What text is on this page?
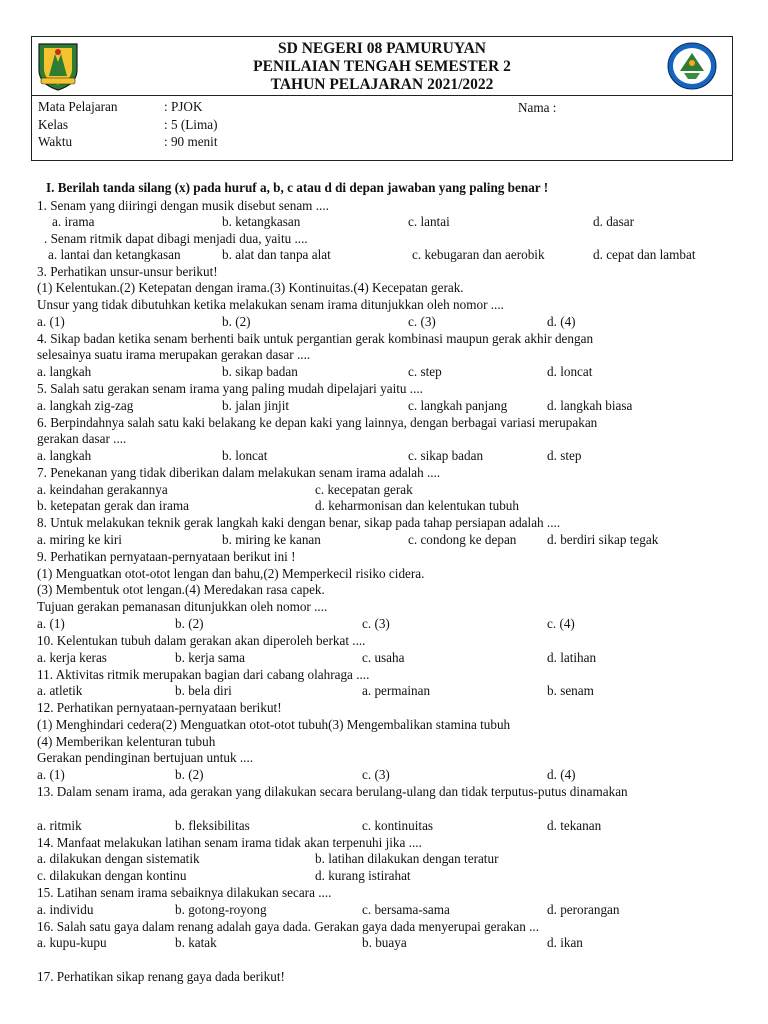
SD NEGERI 08 PAMURUYAN
PENILAIAN TENGAH SEMESTER 2
TAHUN PELAJARAN 2021/2022
Mata Pelajaran	: PJOK	Nama :
Kelas	: 5 (Lima)
Waktu	: 90 menit
I. Berilah tanda silang (x) pada huruf a, b, c atau d di depan jawaban yang paling benar !
1. Senam yang diiringi dengan musik disebut senam ....
a. irama	b. ketangkasan	c. lantai	d. dasar
. Senam ritmik dapat dibagi menjadi dua, yaitu ....
a. lantai dan ketangkasan	b. alat dan tanpa alat	c. kebugaran dan aerobik	d. cepat dan lambat
3. Perhatikan unsur-unsur berikut!
(1) Kelentukan.(2) Ketepatan dengan irama.(3) Kontinuitas.(4) Kecepatan gerak.
Unsur yang tidak dibutuhkan ketika melakukan senam irama ditunjukkan oleh nomor ....
a. (1)	b. (2)	c. (3)	d. (4)
4. Sikap badan ketika senam berhenti baik untuk pergantian gerak kombinasi maupun gerak akhir dengan
selesainya suatu irama merupakan gerakan dasar ....
a. langkah	b. sikap badan	c. step	d. loncat
5. Salah satu gerakan senam irama yang paling mudah dipelajari yaitu ....
a. langkah zig-zag	b. jalan jinjit	c. langkah panjang	d. langkah biasa
6. Berpindahnya salah satu kaki belakang ke depan kaki yang lainnya, dengan berbagai variasi merupakan
gerakan dasar ....
a. langkah	b. loncat	c. sikap badan	d. step
7. Penekanan yang tidak diberikan dalam melakukan senam irama adalah ....
a. keindahan gerakannya	c. kecepatan gerak
b. ketepatan gerak dan irama	d. keharmonisan dan kelentukan tubuh
8. Untuk melakukan teknik gerak langkah kaki dengan benar, sikap pada tahap persiapan adalah ....
a. miring ke kiri	b. miring ke kanan	c. condong ke depan d. berdiri sikap tegak
9. Perhatikan pernyataan-pernyataan berikut ini !
(1) Menguatkan otot-otot lengan dan bahu,(2) Memperkecil risiko cidera.
(3) Membentuk otot lengan.(4) Meredakan rasa capek.
Tujuan gerakan pemanasan ditunjukkan oleh nomor ....
a. (1)	b. (2)	c. (3)	c. (4)
10. Kelentukan tubuh dalam gerakan akan diperoleh berkat ....
a. kerja keras	b. kerja sama	c. usaha	d. latihan
11. Aktivitas ritmik merupakan bagian dari cabang olahraga ....
a. atletik	b. bela diri	a. permainan	b. senam
12. Perhatikan pernyataan-pernyataan berikut!
(1) Menghindari cedera(2) Menguatkan otot-otot tubuh(3) Mengembalikan stamina tubuh
(4) Memberikan kelenturan tubuh
Gerakan pendinginan bertujuan untuk ....
a. (1)	b. (2)	c. (3)	d. (4)
13. Dalam senam irama, ada gerakan yang dilakukan secara berulang-ulang dan tidak terputus-putus dinamakan
a. ritmik	b. fleksibilitas	c. kontinuitas	d. tekanan
14. Manfaat melakukan latihan senam irama tidak akan terpenuhi jika ....
a. dilakukan dengan sistematik	b. latihan dilakukan dengan teratur
c. dilakukan dengan kontinu	d. kurang istirahat
15. Latihan senam irama sebaiknya dilakukan secara ....
a. individu	b. gotong-royong	c. bersama-sama	d. perorangan
16. Salah satu gaya dalam renang adalah gaya dada. Gerakan gaya dada menyerupai gerakan ...
a. kupu-kupu	b. katak	b. buaya	d. ikan
17. Perhatikan sikap renang gaya dada berikut!
